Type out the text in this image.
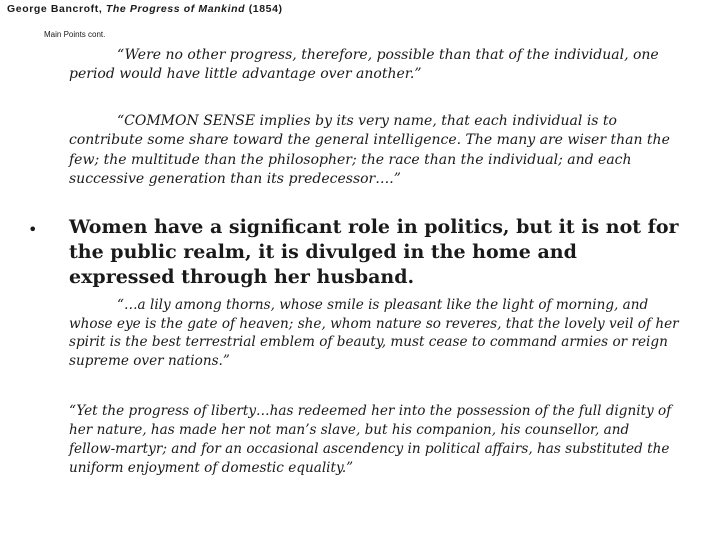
George Bancroft, The Progress of Mankind (1854)
Main Points cont.

“Were no other progress, therefore, possible than that of the individual, one period would have little advantage over another.”

“COMMON SENSE implies by its very name, that each individual is to contribute some share toward the general intelligence. The many are wiser than the few; the multitude than the philosopher; the race than the individual; and each successive generation than its predecessor….”

• Women have a significant role in politics, but it is not for the public realm, it is divulged in the home and expressed through her husband.

“…a lily among thorns, whose smile is pleasant like the light of morning, and whose eye is the gate of heaven; she, whom nature so reveres, that the lovely veil of her spirit is the best terrestrial emblem of beauty, must cease to command armies or reign supreme over nations.”

“Yet the progress of liberty…has redeemed her into the possession of the full dignity of her nature, has made her not man’s slave, but his companion, his counsellor, and fellow-martyr; and for an occasional ascendency in political affairs, has substituted the uniform enjoyment of domestic equality.”
